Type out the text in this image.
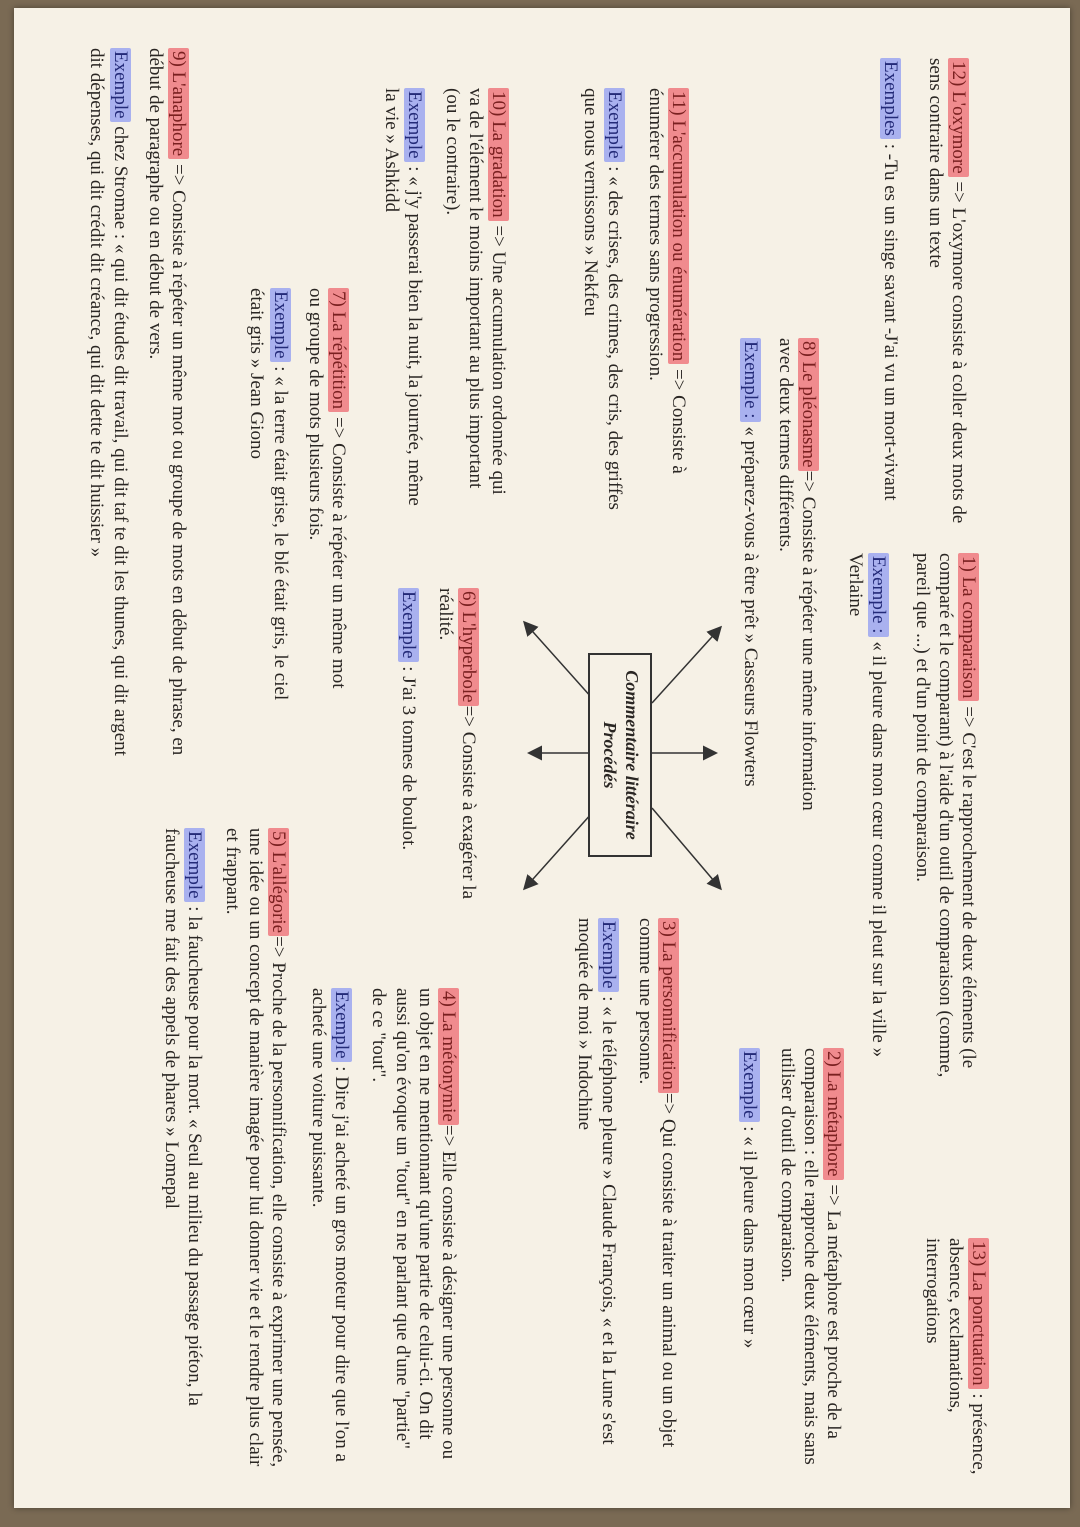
Commentaire littéraire
Procédés
12) L'oxymore => L'oxymore consiste à coller deux mots de sens contraire dans un texte
Exemples : -Tu es un singe savant -J'ai vu un mort-vivant
1) La comparaison => C'est le rapprochement de deux éléments (le comparé et le comparant) à l'aide d'un outil de comparaison (comme, pareil que ...) et d'un point de comparaison.
Exemple : « il pleure dans mon cœur comme il pleut sur la ville » Verlaine
13) La ponctuation : présence, absence, exclamations, interrogations
11) L'accumulation ou énumération => Consiste à énumérer des termes sans progression.
Exemple : « des crises, des crimes, des cris, des griffes que nous vernissons » Nekfeu
8) Le pléonasme=> Consiste à répéter une même information avec deux termes différents.
Exemple : « préparez-vous à être prêt » Casseurs Flowters
2) La métaphore => La métaphore est proche de la comparaison : elle rapproche deux éléments, mais sans utiliser d'outil de comparaison.
Exemple : « il pleure dans mon cœur »
3) La personnification=> Qui consiste à traiter un animal ou un objet comme une personne.
Exemple : « le téléphone pleure » Claude François, « et la Lune s'est moquée de moi » Indochine
10) La gradation => Une accumulation ordonnée qui va de l'élément le moins important au plus important (ou le contraire).
Exemple : « j'y passerai bien la nuit, la journée, même la vie » Ashkidd
6) L'hyperbole=> Consiste à exagérer la réalité.
Exemple : J'ai 3 tonnes de boulot.
4) La métonymie=> Elle consiste à désigner une personne ou un objet en ne mentionnant qu'une partie de celui-ci. On dit aussi qu'on évoque un "tout" en ne parlant que d'une "partie" de ce "tout".
Exemple : Dire j'ai acheté un gros moteur pour dire que l'on a acheté une voiture puissante.
7) La répétition => Consiste à répéter un même mot ou groupe de mots plusieurs fois.
Exemple : « la terre était grise, le blé était gris, le ciel était gris » Jean Giono
5) L'allégorie=> Proche de la personnification, elle consiste à exprimer une pensée, une idée ou un concept de manière imagée pour lui donner vie et le rendre plus clair et frappant.
Exemple : la faucheuse pour la mort. « Seul au milieu du passage piéton, la faucheuse me fait des appels de phares » Lomepal
9) L'anaphore => Consiste à répéter un même mot ou groupe de mots en début de phrase, en début de paragraphe ou en début de vers.
Exemple chez Stromae : « qui dit études dit travail, qui dit taf te dit les thunes, qui dit argent dit dépenses, qui dit crédit dit créance, qui dit dette te dit huissier »
